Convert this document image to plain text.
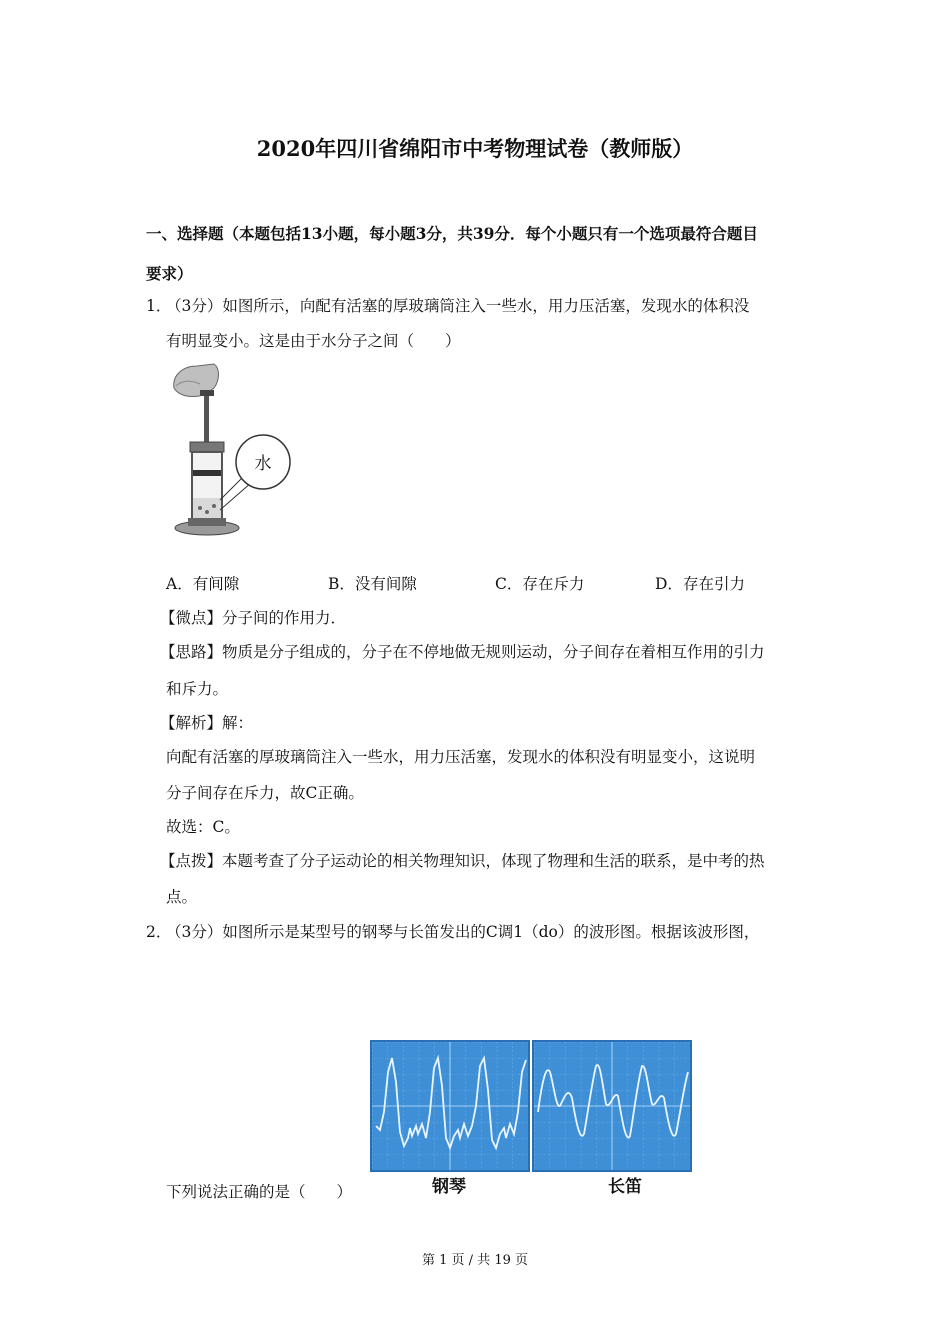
2020年四川省绵阳市中考物理试卷（教师版）
一、选择题（本题包括13小题，每小题3分，共39分．每个小题只有一个选项最符合题目
要求）
1．
（3分）如图所示，向配有活塞的厚玻璃筒注入一些水，用力压活塞，发现水的体积没
有明显变小。这是由于水分子之间（　　）
水
A．有间隙	B．没有间隙	C．存在斥力	D．存在引力
【微点】分子间的作用力．
【思路】物质是分子组成的，分子在不停地做无规则运动，分子间存在着相互作用的引力
和斥力。
【解析】解：
向配有活塞的厚玻璃筒注入一些水，用力压活塞，发现水的体积没有明显变小，这说明
分子间存在斥力，故C正确。
故选：C。
【点拨】本题考查了分子运动论的相关物理知识，体现了物理和生活的联系，是中考的热
点。
2．
（3分）如图所示是某型号的钢琴与长笛发出的C调1（do）的波形图。根据该波形图，
下列说法正确的是（　　）	钢琴	长笛
第 1 页 / 共 19 页
